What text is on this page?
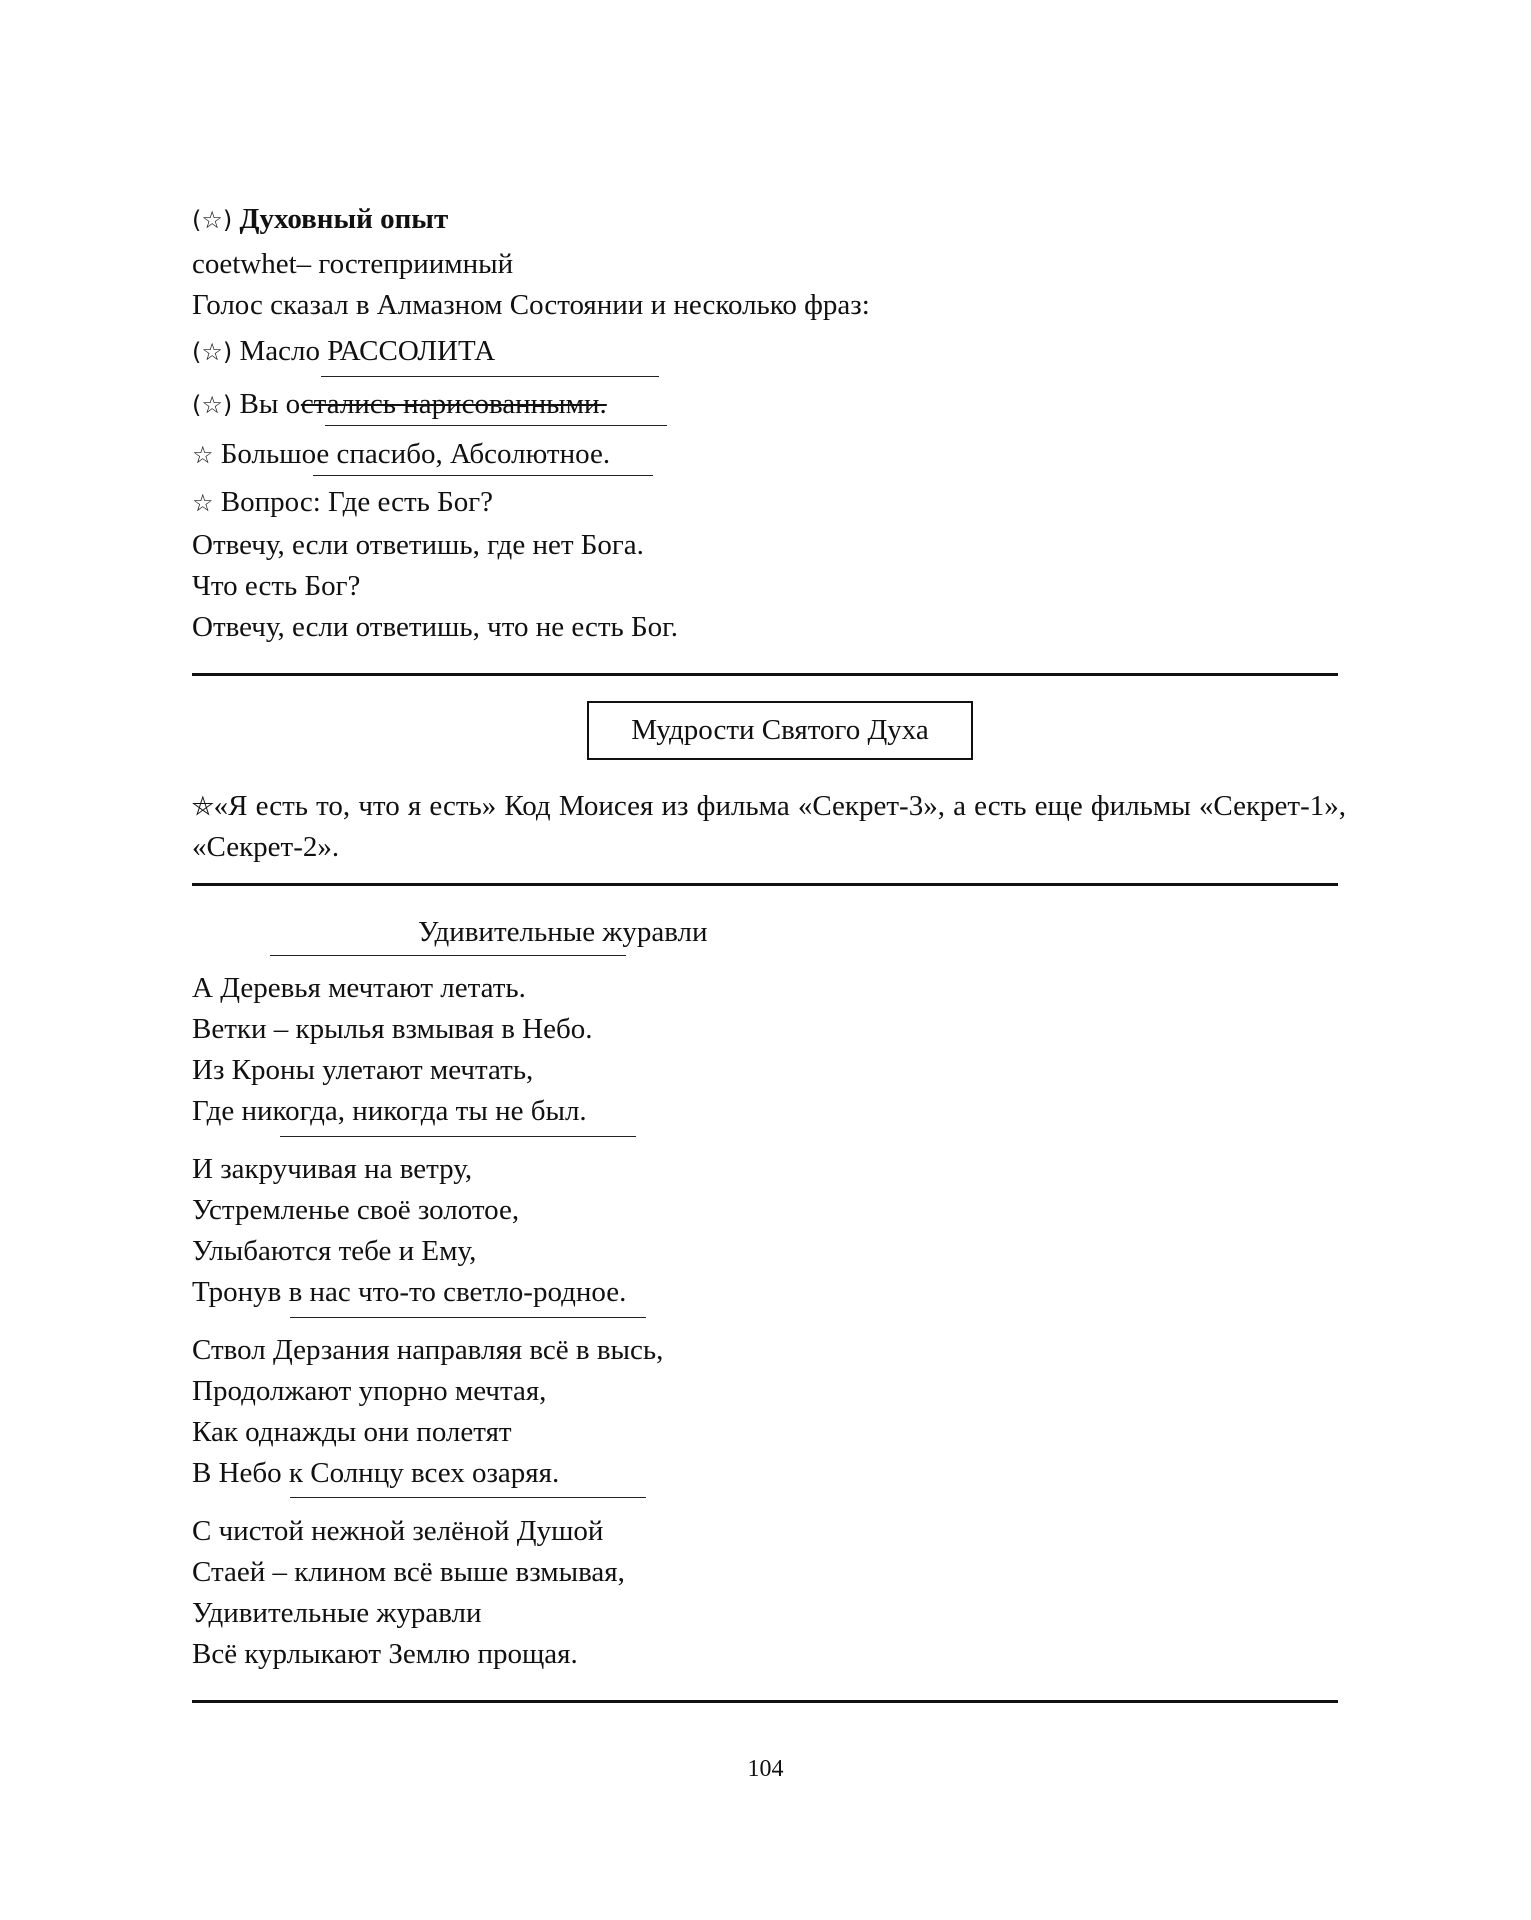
(☆) Духовный опыт
coetwhet– гостеприимный
Голос сказал в Алмазном Состоянии и несколько фраз:
(☆) Масло РАССОЛИТА
(☆) Вы остались нарисованными.
☆ Большое спасибо, Абсолютное.
☆ Вопрос: Где есть Бог?
Отвечу, если ответишь, где нет Бога.
Что есть Бог?
Отвечу, если ответишь, что не есть Бог.
Мудрости Святого Духа
⛤«Я есть то, что я есть» Код Моисея из фильма «Секрет-3», а есть еще фильмы «Секрет-1», «Секрет-2».
Удивительные журавли
А Деревья мечтают летать.
Ветки – крылья взмывая в Небо.
Из Кроны улетают мечтать,
Где никогда, никогда ты не был.
И закручивая на ветру,
Устремленье своё золотое,
Улыбаются тебе и Ему,
Тронув в нас что-то светло-родное.
Ствол Дерзания направляя всё в высь,
Продолжают упорно мечтая,
Как однажды они полетят
В Небо к Солнцу всех озаряя.
С чистой нежной зелёной Душой
Стаей – клином всё выше взмывая,
Удивительные журавли
Всё курлыкают Землю прощая.
104
